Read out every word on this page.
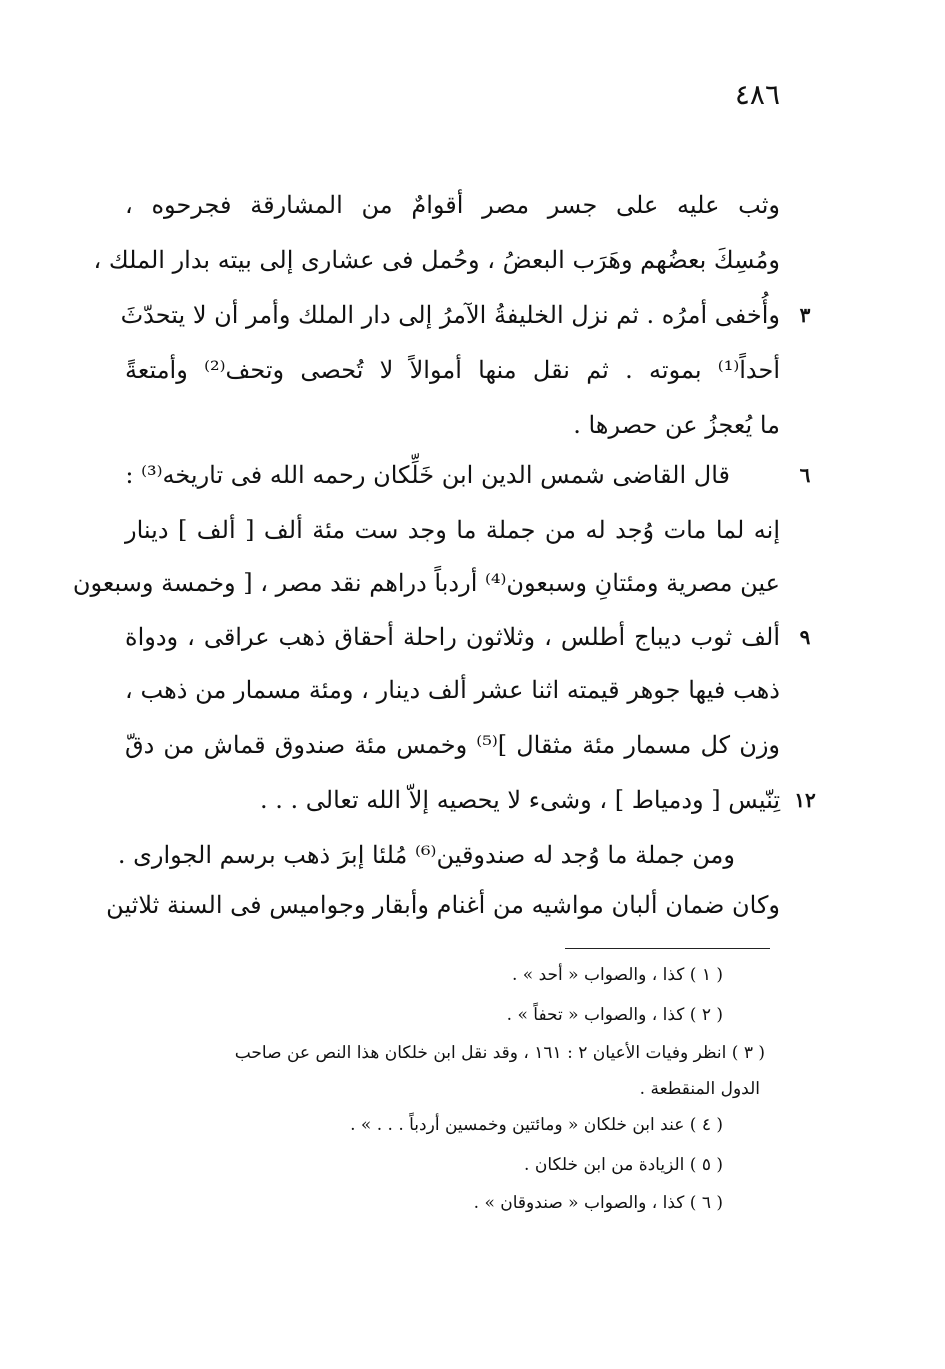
٤٨٦
وثب عليه على جسر مصر أقوامٌ من المشارقة فجرحوه ،
ومُسِكَ بعضُهم وهَرَب البعضُ ، وحُمل فى عشارى إلى بيته بدار الملك ،
وأُخفى أمرُه . ثم نزل الخليفةُ الآمرُ إلى دار الملك وأمر أن لا يتحدّثَ ٣
أحداً⁽¹⁾ بموته . ثم نقل منها أموالاً لا تُحصى وتحف⁽²⁾ وأمتعةً
ما يُعجزُ عن حصرها .
قال القاضى شمس الدين ابن خَلِّكان رحمه الله فى تاريخه⁽³⁾ :	٦
إنه لما مات وُجد له من جملة ما وجد ست مئة ألف [ ألف ] دينار
عين مصرية ومئتانِ وسبعون⁽⁴⁾ أردباً دراهم نقد مصر ، [ وخمسة وسبعون
ألف ثوب ديباج أطلس ، وثلاثون راحلة أحقاق ذهب عراقى ، ودواة ٩
ذهب فيها جوهر قيمته اثنا عشر ألف دينار ، ومئة مسمار من ذهب ،
وزن كل مسمار مئة مثقال ]⁽⁵⁾ وخمس مئة صندوق قماش من دقّ
تِنّيس [ ودمياط ] ، وشىء لا يحصيه إلاّ الله تعالى . . . ١٢
ومن جملة ما وُجد له صندوقين⁽⁶⁾ مُلئا إبرَ ذهب برسم الجوارى .
وكان ضمان ألبان مواشيه من أغنام وأبقار وجواميس فى السنة ثلاثين
( ١ ) كذا ، والصواب « أحد » .
( ٢ ) كذا ، والصواب « تحفاً » .
( ٣ ) انظر وفيات الأعيان ٢ : ١٦١ ، وقد نقل ابن خلكان هذا النص عن صاحب
الدول المنقطعة .
( ٤ ) عند ابن خلكان « ومائتين وخمسين أردباً . . . » .
( ٥ ) الزيادة من ابن خلكان .
( ٦ ) كذا ، والصواب « صندوقان » .
